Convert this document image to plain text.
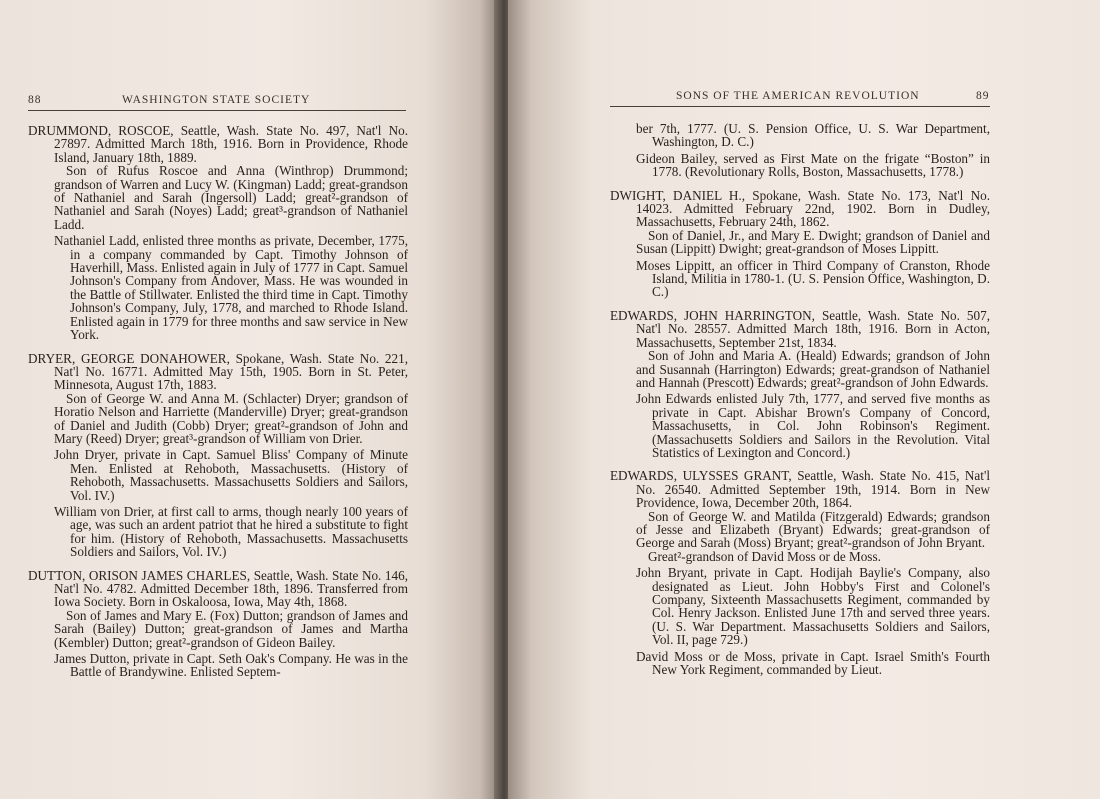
88	WASHINGTON STATE SOCIETY

DRUMMOND, ROSCOE, Seattle, Wash. State No. 497, Nat'l No. 27897. Admitted March 18th, 1916. Born in Providence, Rhode Island, January 18th, 1889.

Son of Rufus Roscoe and Anna (Winthrop) Drummond; grandson of Warren and Lucy W. (Kingman) Ladd; great-grandson of Nathaniel and Sarah (Ingersoll) Ladd; great²-grandson of Nathaniel and Sarah (Noyes) Ladd; great³-grandson of Nathaniel Ladd.

Nathaniel Ladd, enlisted three months as private, December, 1775, in a company commanded by Capt. Timothy Johnson of Haverhill, Mass. Enlisted again in July of 1777 in Capt. Samuel Johnson's Company from Andover, Mass. He was wounded in the Battle of Stillwater. Enlisted the third time in Capt. Timothy Johnson's Company, July, 1778, and marched to Rhode Island. Enlisted again in 1779 for three months and saw service in New York.

DRYER, GEORGE DONAHOWER, Spokane, Wash. State No. 221, Nat'l No. 16771. Admitted May 15th, 1905. Born in St. Peter, Minnesota, August 17th, 1883.

Son of George W. and Anna M. (Schlacter) Dryer; grandson of Horatio Nelson and Harriette (Manderville) Dryer; great-grandson of Daniel and Judith (Cobb) Dryer; great²-grandson of John and Mary (Reed) Dryer; great³-grandson of William von Drier.

John Dryer, private in Capt. Samuel Bliss' Company of Minute Men. Enlisted at Rehoboth, Massachusetts. (History of Rehoboth, Massachusetts. Massachusetts Soldiers and Sailors, Vol. IV.)

William von Drier, at first call to arms, though nearly 100 years of age, was such an ardent patriot that he hired a substitute to fight for him. (History of Rehoboth, Massachusetts. Massachusetts Soldiers and Sailors, Vol. IV.)

DUTTON, ORISON JAMES CHARLES, Seattle, Wash. State No. 146, Nat'l No. 4782. Admitted December 18th, 1896. Transferred from Iowa Society. Born in Oskaloosa, Iowa, May 4th, 1868.

Son of James and Mary E. (Fox) Dutton; grandson of James and Sarah (Bailey) Dutton; great-grandson of James and Martha (Kembler) Dutton; great²-grandson of Gideon Bailey.

James Dutton, private in Capt. Seth Oak's Company. He was in the Battle of Brandywine. Enlisted Septem-

SONS OF THE AMERICAN REVOLUTION	89

ber 7th, 1777. (U. S. Pension Office, U. S. War Department, Washington, D. C.)

Gideon Bailey, served as First Mate on the frigate “Boston” in 1778. (Revolutionary Rolls, Boston, Massachusetts, 1778.)

DWIGHT, DANIEL H., Spokane, Wash. State No. 173, Nat'l No. 14023. Admitted February 22nd, 1902. Born in Dudley, Massachusetts, February 24th, 1862.

Son of Daniel, Jr., and Mary E. Dwight; grandson of Daniel and Susan (Lippitt) Dwight; great-grandson of Moses Lippitt.

Moses Lippitt, an officer in Third Company of Cranston, Rhode Island, Militia in 1780-1. (U. S. Pension Office, Washington, D. C.)

EDWARDS, JOHN HARRINGTON, Seattle, Wash. State No. 507, Nat'l No. 28557. Admitted March 18th, 1916. Born in Acton, Massachusetts, September 21st, 1834.

Son of John and Maria A. (Heald) Edwards; grandson of John and Susannah (Harrington) Edwards; great-grandson of Nathaniel and Hannah (Prescott) Edwards; great²-grandson of John Edwards.

John Edwards enlisted July 7th, 1777, and served five months as private in Capt. Abishar Brown's Company of Concord, Massachusetts, in Col. John Robinson's Regiment. (Massachusetts Soldiers and Sailors in the Revolution. Vital Statistics of Lexington and Concord.)

EDWARDS, ULYSSES GRANT, Seattle, Wash. State No. 415, Nat'l No. 26540. Admitted September 19th, 1914. Born in New Providence, Iowa, December 20th, 1864.

Son of George W. and Matilda (Fitzgerald) Edwards; grandson of Jesse and Elizabeth (Bryant) Edwards; great-grandson of George and Sarah (Moss) Bryant; great²-grandson of John Bryant.

Great²-grandson of David Moss or de Moss.

John Bryant, private in Capt. Hodijah Baylie's Company, also designated as Lieut. John Hobby's First and Colonel's Company, Sixteenth Massachusetts Regiment, commanded by Col. Henry Jackson. Enlisted June 17th and served three years. (U. S. War Department. Massachusetts Soldiers and Sailors, Vol. II, page 729.)

David Moss or de Moss, private in Capt. Israel Smith's Fourth New York Regiment, commanded by Lieut.
